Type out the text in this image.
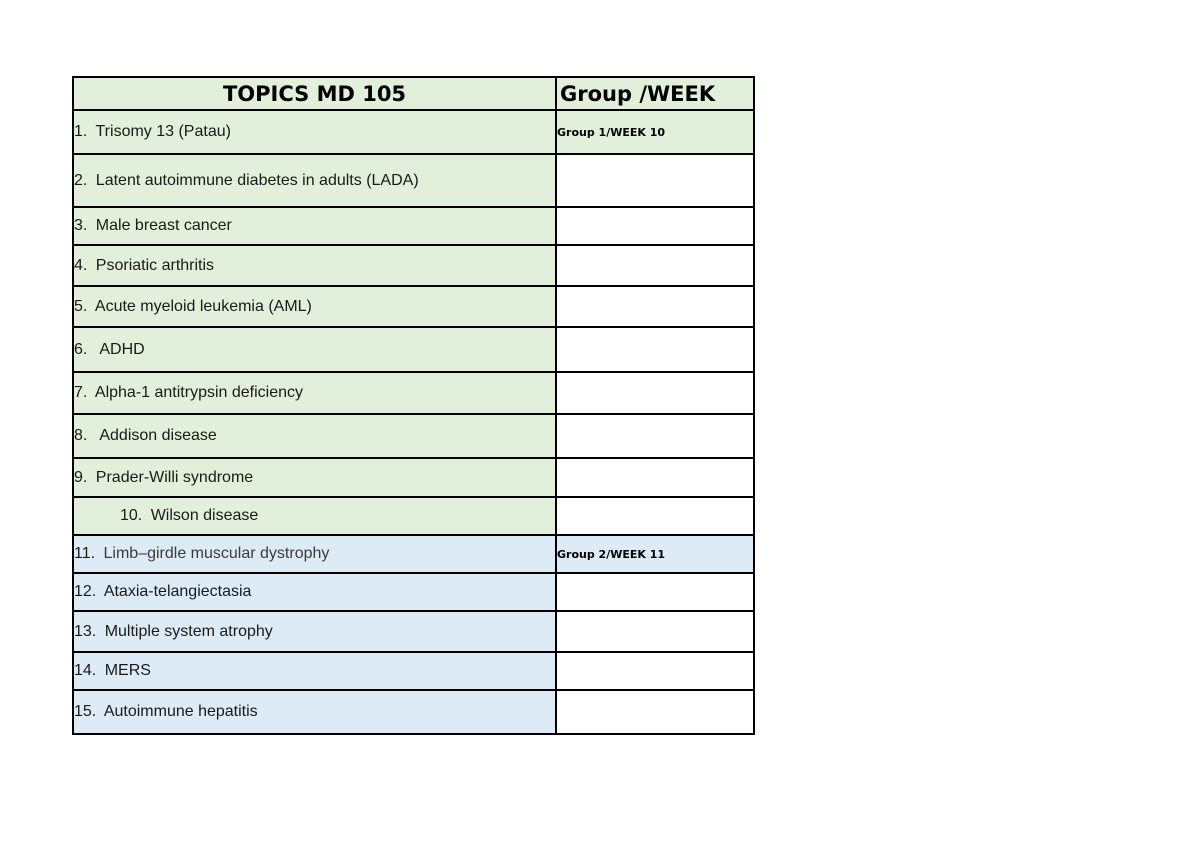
TOPICS MD 105	Group /WEEK
1. Trisomy 13 (Patau)	Group 1/WEEK 10
2. Latent autoimmune diabetes in adults (LADA)	
3. Male breast cancer	
4. Psoriatic arthritis	
5. Acute myeloid leukemia (AML)	
6.  ADHD	
7. Alpha-1 antitrypsin deficiency	
8.  Addison disease	
9. Prader-Willi syndrome	
10. Wilson disease	
11. Limb–girdle muscular dystrophy	Group 2/WEEK 11
12. Ataxia-telangiectasia	
13. Multiple system atrophy	
14. MERS	
15. Autoimmune hepatitis	
